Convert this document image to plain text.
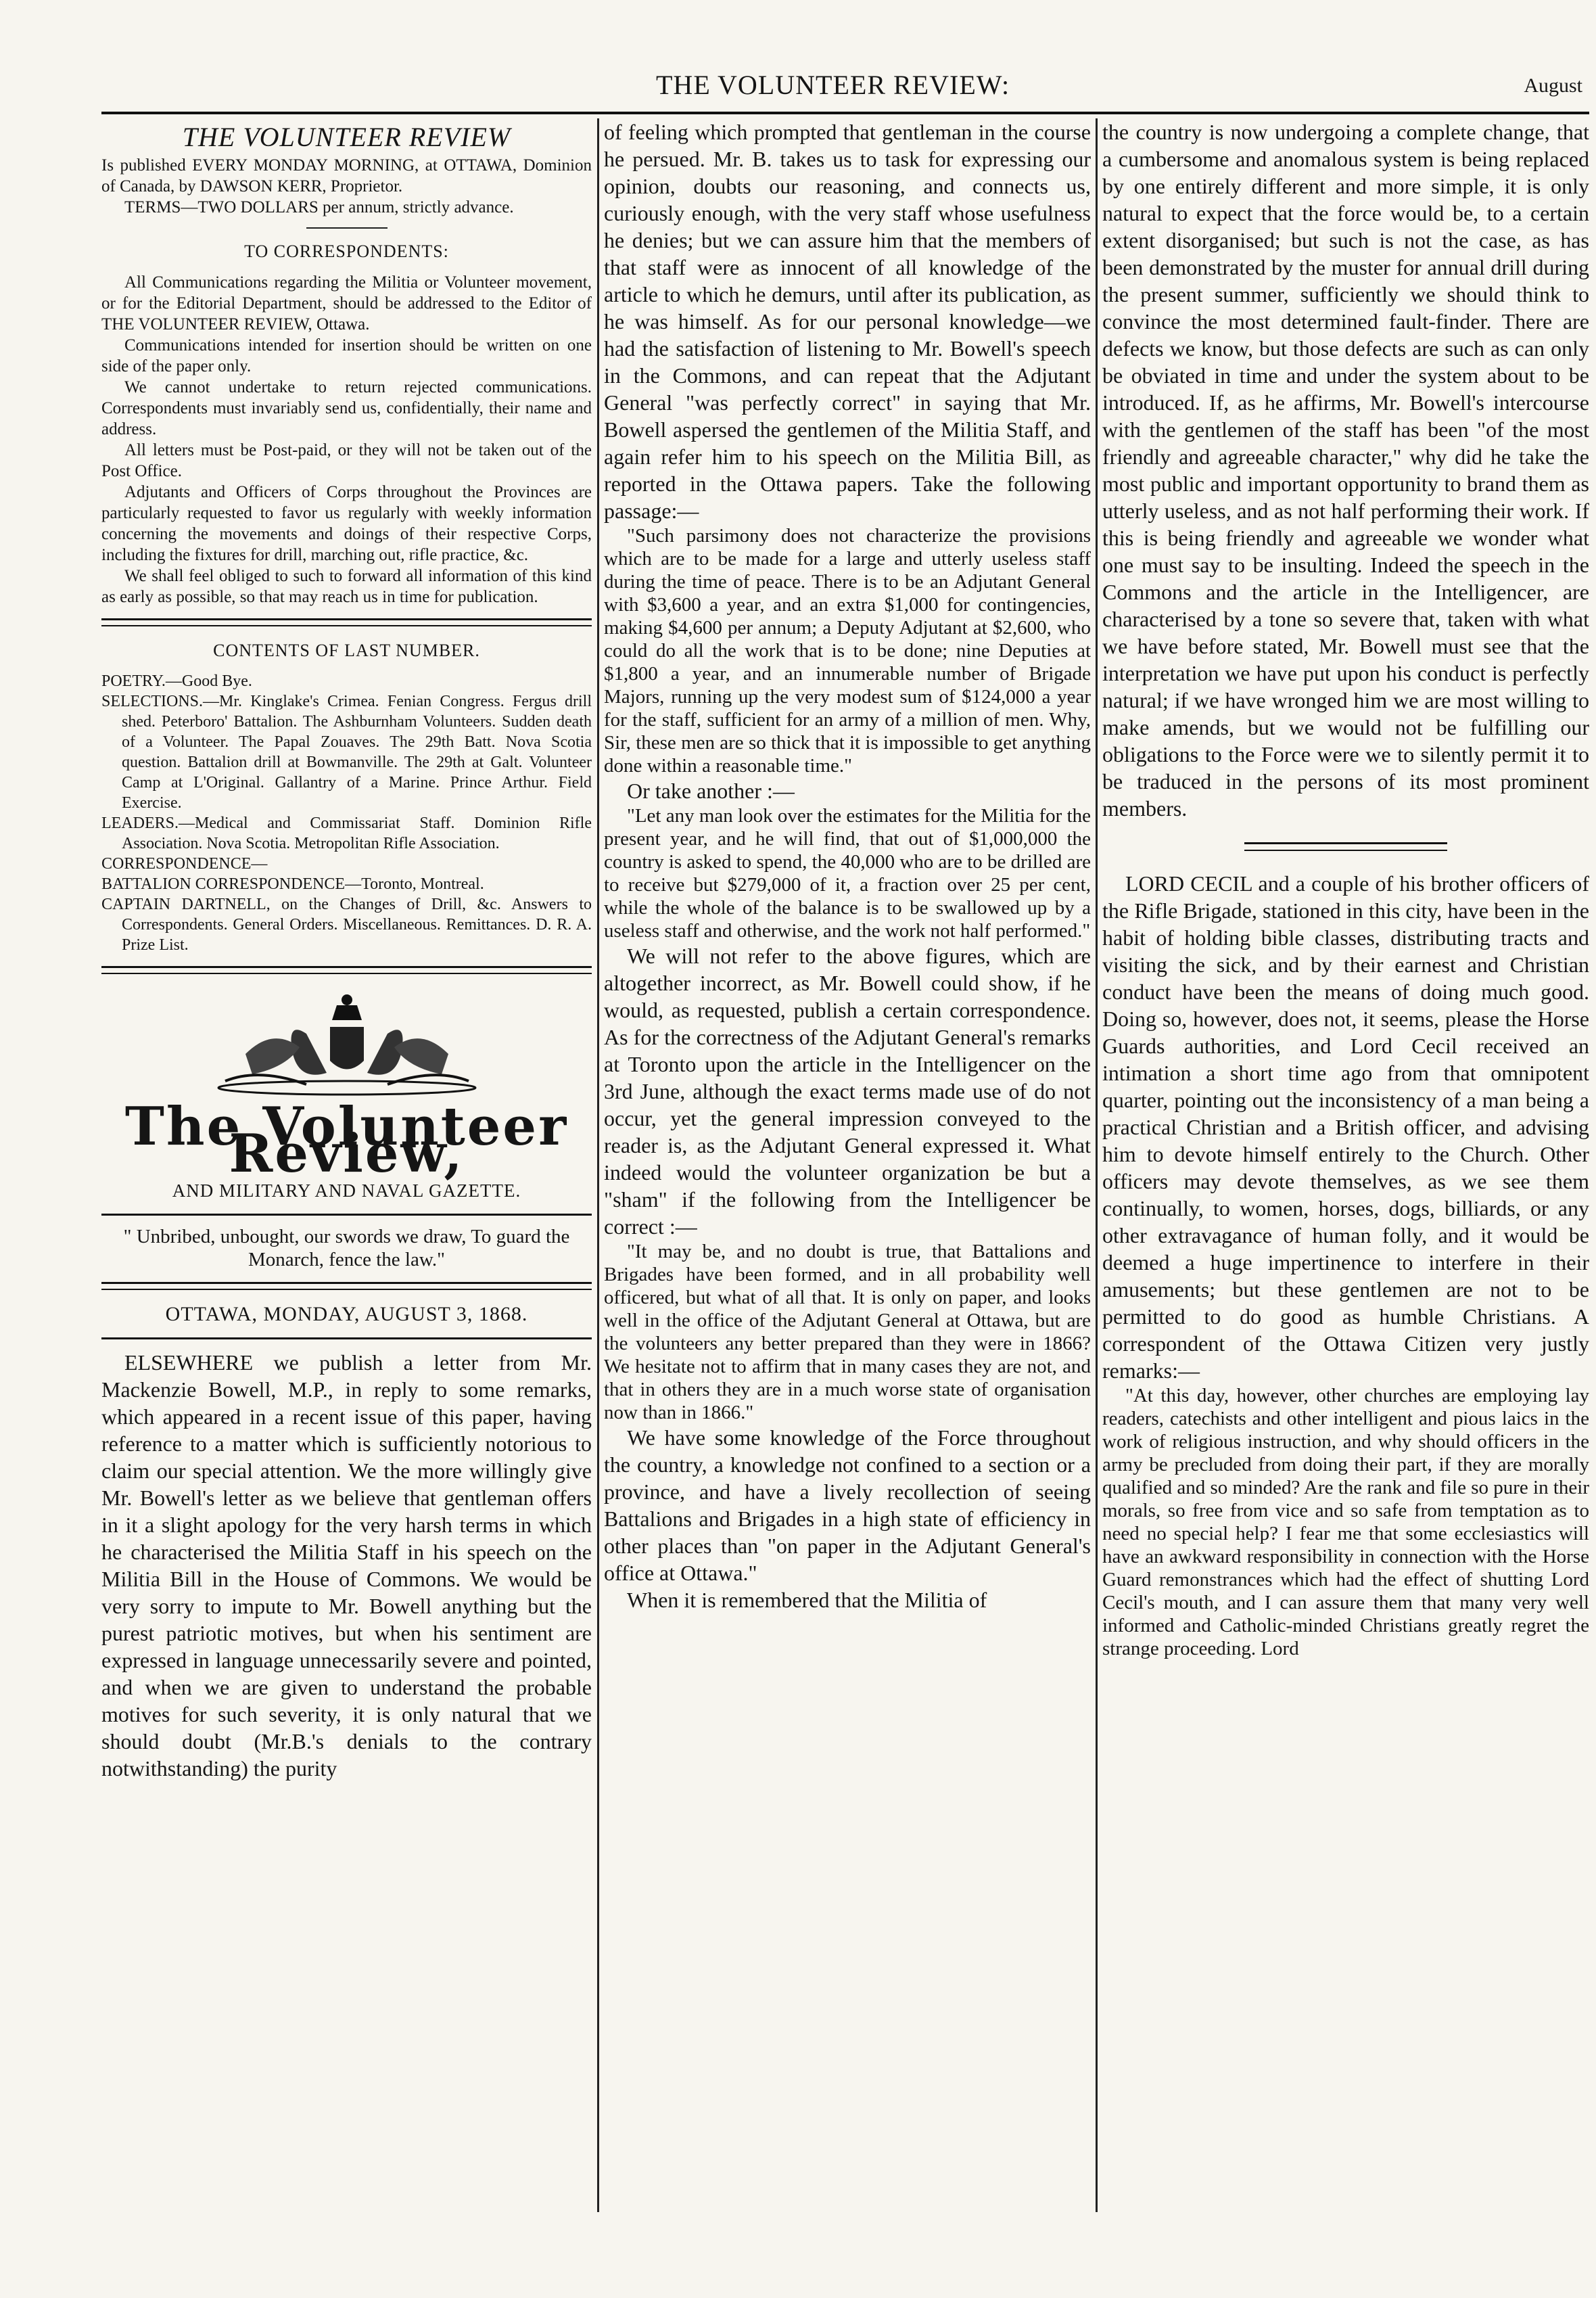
THE VOLUNTEER REVIEW:	August
THE VOLUNTEER REVIEW

Is published EVERY MONDAY MORNING, at OTTAWA, Dominion of Canada, by DAWSON KERR, Proprietor.

TERMS—TWO DOLLARS per annum, strictly advance.

TO CORRESPONDENTS:

All Communications regarding the Militia or Volunteer movement, or for the Editorial Department, should be addressed to the Editor of THE VOLUNTEER REVIEW, Ottawa.

Communications intended for insertion should be written on one side of the paper only.

We cannot undertake to return rejected communications. Correspondents must invariably send us, confidentially, their name and address.

All letters must be Post-paid, or they will not be taken out of the Post Office.

Adjutants and Officers of Corps throughout the Provinces are particularly requested to favor us regularly with weekly information concerning the movements and doings of their respective Corps, including the fixtures for drill, marching out, rifle practice, &c.

We shall feel obliged to such to forward all information of this kind as early as possible, so that may reach us in time for publication.

CONTENTS OF LAST NUMBER.

POETRY.—Good Bye.

SELECTIONS.—Mr. Kinglake's Crimea. Fenian Congress. Fergus drill shed. Peterboro' Battalion. The Ashburnham Volunteers. Sudden death of a Volunteer. The Papal Zouaves. The 29th Batt. Nova Scotia question. Battalion drill at Bowmanville. The 29th at Galt. Volunteer Camp at L'Original. Gallantry of a Marine. Prince Arthur. Field Exercise.

LEADERS.—Medical and Commissariat Staff. Dominion Rifle Association. Nova Scotia. Metropolitan Rifle Association.

CORRESPONDENCE—

BATTALION CORRESPONDENCE—Toronto, Montreal.

CAPTAIN DARTNELL, on the Changes of Drill, &c. Answers to Correspondents. General Orders. Miscellaneous. Remittances. D. R. A. Prize List.

The Volunteer Review,
AND MILITARY AND NAVAL GAZETTE.

" Unbribed, unbought, our swords we draw, To guard the Monarch, fence the law."

OTTAWA, MONDAY, AUGUST 3, 1868.

ELSEWHERE we publish a letter from Mr. Mackenzie Bowell, M.P., in reply to some remarks, which appeared in a recent issue of this paper, having reference to a matter which is sufficiently notorious to claim our special attention. We the more willingly give Mr. Bowell's letter as we believe that gentleman offers in it a slight apology for the very harsh terms in which he characterised the Militia Staff in his speech on the Militia Bill in the House of Commons. We would be very sorry to impute to Mr. Bowell anything but the purest patriotic motives, but when his sentiment are expressed in language unnecessarily severe and pointed, and when we are given to understand the probable motives for such severity, it is only natural that we should doubt (Mr.B.'s denials to the contrary notwithstanding) the purity

of feeling which prompted that gentleman in the course he persued. Mr. B. takes us to task for expressing our opinion, doubts our reasoning, and connects us, curiously enough, with the very staff whose usefulness he denies; but we can assure him that the members of that staff were as innocent of all knowledge of the article to which he demurs, until after its publication, as he was himself. As for our personal knowledge—we had the satisfaction of listening to Mr. Bowell's speech in the Commons, and can repeat that the Adjutant General "was perfectly correct" in saying that Mr. Bowell aspersed the gentlemen of the Militia Staff, and again refer him to his speech on the Militia Bill, as reported in the Ottawa papers. Take the following passage:—

"Such parsimony does not characterize the provisions which are to be made for a large and utterly useless staff during the time of peace. There is to be an Adjutant General with $3,600 a year, and an extra $1,000 for contingencies, making $4,600 per annum; a Deputy Adjutant at $2,600, who could do all the work that is to be done; nine Deputies at $1,800 a year, and an innumerable number of Brigade Majors, running up the very modest sum of $124,000 a year for the staff, sufficient for an army of a million of men. Why, Sir, these men are so thick that it is impossible to get anything done within a reasonable time."

Or take another :—

"Let any man look over the estimates for the Militia for the present year, and he will find, that out of $1,000,000 the country is asked to spend, the 40,000 who are to be drilled are to receive but $279,000 of it, a fraction over 25 per cent, while the whole of the balance is to be swallowed up by a useless staff and otherwise, and the work not half performed."

We will not refer to the above figures, which are altogether incorrect, as Mr. Bowell could show, if he would, as requested, publish a certain correspondence. As for the correctness of the Adjutant General's remarks at Toronto upon the article in the Intelligencer on the 3rd June, although the exact terms made use of do not occur, yet the general impression conveyed to the reader is, as the Adjutant General expressed it. What indeed would the volunteer organization be but a "sham" if the following from the Intelligencer be correct :—

"It may be, and no doubt is true, that Battalions and Brigades have been formed, and in all probability well officered, but what of all that. It is only on paper, and looks well in the office of the Adjutant General at Ottawa, but are the volunteers any better prepared than they were in 1866? We hesitate not to affirm that in many cases they are not, and that in others they are in a much worse state of organisation now than in 1866."

We have some knowledge of the Force throughout the country, a knowledge not confined to a section or a province, and have a lively recollection of seeing Battalions and Brigades in a high state of efficiency in other places than "on paper in the Adjutant General's office at Ottawa."

When it is remembered that the Militia of

the country is now undergoing a complete change, that a cumbersome and anomalous system is being replaced by one entirely different and more simple, it is only natural to expect that the force would be, to a certain extent disorganised; but such is not the case, as has been demonstrated by the muster for annual drill during the present summer, sufficiently we should think to convince the most determined fault-finder. There are defects we know, but those defects are such as can only be obviated in time and under the system about to be introduced. If, as he affirms, Mr. Bowell's intercourse with the gentlemen of the staff has been "of the most friendly and agreeable character," why did he take the most public and important opportunity to brand them as utterly useless, and as not half performing their work. If this is being friendly and agreeable we wonder what one must say to be insulting. Indeed the speech in the Commons and the article in the Intelligencer, are characterised by a tone so severe that, taken with what we have before stated, Mr. Bowell must see that the interpretation we have put upon his conduct is perfectly natural; if we have wronged him we are most willing to make amends, but we would not be fulfilling our obligations to the Force were we to silently permit it to be traduced in the persons of its most prominent members.

LORD CECIL and a couple of his brother officers of the Rifle Brigade, stationed in this city, have been in the habit of holding bible classes, distributing tracts and visiting the sick, and by their earnest and Christian conduct have been the means of doing much good. Doing so, however, does not, it seems, please the Horse Guards authorities, and Lord Cecil received an intimation a short time ago from that omnipotent quarter, pointing out the inconsistency of a man being a practical Christian and a British officer, and advising him to devote himself entirely to the Church. Other officers may devote themselves, as we see them continually, to women, horses, dogs, billiards, or any other extravagance of human folly, and it would be deemed a huge impertinence to interfere in their amusements; but these gentlemen are not to be permitted to do good as humble Christians. A correspondent of the Ottawa Citizen very justly remarks:—

"At this day, however, other churches are employing lay readers, catechists and other intelligent and pious laics in the work of religious instruction, and why should officers in the army be precluded from doing their part, if they are morally qualified and so minded? Are the rank and file so pure in their morals, so free from vice and so safe from temptation as to need no special help? I fear me that some ecclesiastics will have an awkward responsibility in connection with the Horse Guard remonstrances which had the effect of shutting Lord Cecil's mouth, and I can assure them that many very well informed and Catholic-minded Christians greatly regret the strange proceeding. Lord
